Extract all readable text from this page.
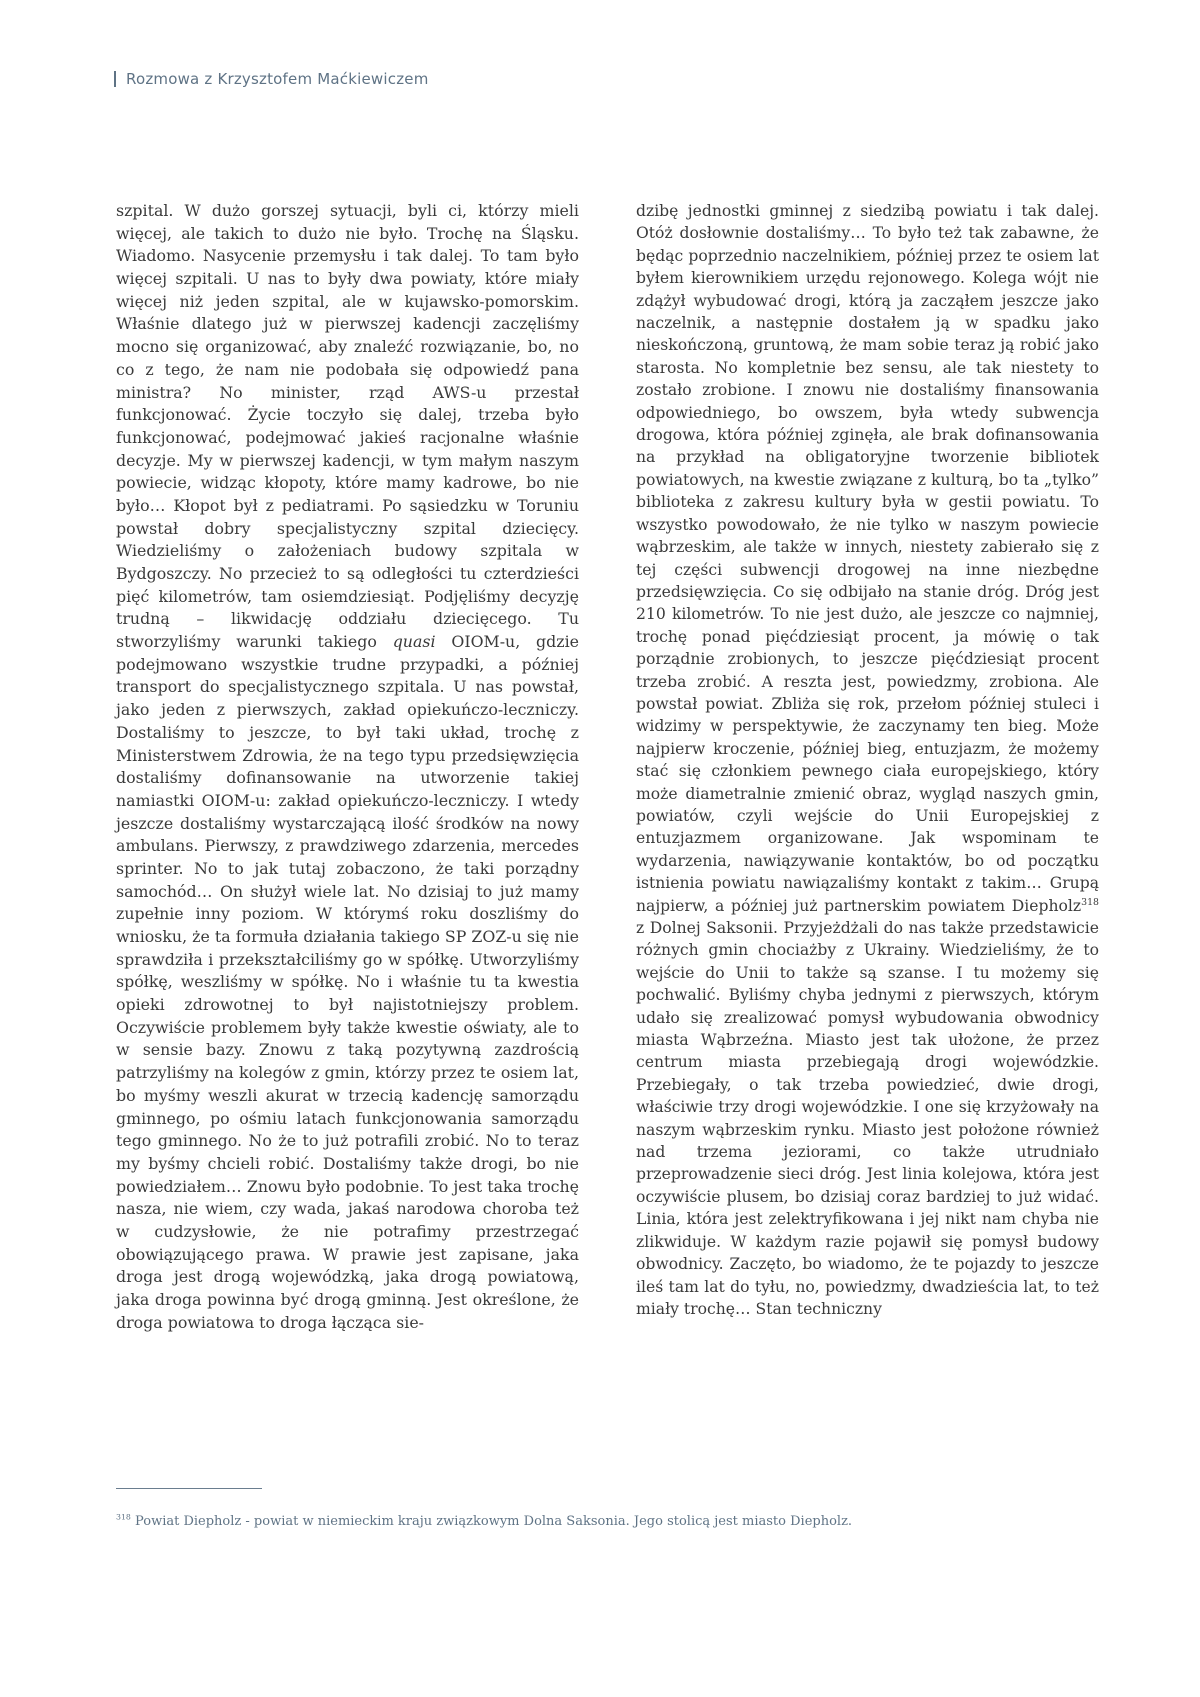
Rozmowa z Krzysztofem Maćkiewiczem

szpital. W dużo gorszej sytuacji, byli ci, którzy mieli więcej, ale takich to dużo nie było. Trochę na Śląsku. Wiadomo. Nasycenie przemysłu i tak dalej. To tam było więcej szpitali. U nas to były dwa powiaty, które miały więcej niż jeden szpital, ale w kujawsko-pomorskim. Właśnie dlatego już w pierwszej kadencji zaczęliśmy mocno się organizować, aby znaleźć rozwiązanie, bo, no co z tego, że nam nie podobała się odpowiedź pana ministra? No minister, rząd AWS-u przestał funkcjonować. Życie toczyło się dalej, trzeba było funkcjonować, podejmować jakieś racjonalne właśnie decyzje. My w pierwszej kadencji, w tym małym naszym powiecie, widząc kłopoty, które mamy kadrowe, bo nie było… Kłopot był z pediatrami. Po sąsiedzku w Toruniu powstał dobry specjalistyczny szpital dziecięcy. Wiedzieliśmy o założeniach budowy szpitala w Bydgoszczy. No przecież to są odległości tu czterdzieści pięć kilometrów, tam osiemdziesiąt. Podjęliśmy decyzję trudną – likwidację oddziału dziecięcego. Tu stworzyliśmy warunki takiego quasi OIOM-u, gdzie podejmowano wszystkie trudne przypadki, a później transport do specjalistycznego szpitala. U nas powstał, jako jeden z pierwszych, zakład opiekuńczo-leczniczy. Dostaliśmy to jeszcze, to był taki układ, trochę z Ministerstwem Zdrowia, że na tego typu przedsięwzięcia dostaliśmy dofinansowanie na utworzenie takiej namiastki OIOM-u: zakład opiekuńczo-leczniczy. I wtedy jeszcze dostaliśmy wystarczającą ilość środków na nowy ambulans. Pierwszy, z prawdziwego zdarzenia, mercedes sprinter. No to jak tutaj zobaczono, że taki porządny samochód… On służył wiele lat. No dzisiaj to już mamy zupełnie inny poziom. W którymś roku doszliśmy do wniosku, że ta formuła działania takiego SP ZOZ-u się nie sprawdziła i przekształciliśmy go w spółkę. Utworzyliśmy spółkę, weszliśmy w spółkę. No i właśnie tu ta kwestia opieki zdrowotnej to był najistotniejszy problem. Oczywiście problemem były także kwestie oświaty, ale to w sensie bazy. Znowu z taką pozytywną zazdrością patrzyliśmy na kolegów z gmin, którzy przez te osiem lat, bo myśmy weszli akurat w trzecią kadencję samorządu gminnego, po ośmiu latach funkcjonowania samorządu tego gminnego. No że to już potrafili zrobić. No to teraz my byśmy chcieli robić. Dostaliśmy także drogi, bo nie powiedziałem… Znowu było podobnie. To jest taka trochę nasza, nie wiem, czy wada, jakaś narodowa choroba też w cudzysłowie, że nie potrafimy przestrzegać obowiązującego prawa. W prawie jest zapisane, jaka droga jest drogą wojewódzką, jaka drogą powiatową, jaka droga powinna być drogą gminną. Jest określone, że droga powiatowa to droga łącząca sie-

dzibę jednostki gminnej z siedzibą powiatu i tak dalej. Otóż dosłownie dostaliśmy… To było też tak zabawne, że będąc poprzednio naczelnikiem, później przez te osiem lat byłem kierownikiem urzędu rejonowego. Kolega wójt nie zdążył wybudować drogi, którą ja zacząłem jeszcze jako naczelnik, a następnie dostałem ją w spadku jako nieskończoną, gruntową, że mam sobie teraz ją robić jako starosta. No kompletnie bez sensu, ale tak niestety to zostało zrobione. I znowu nie dostaliśmy finansowania odpowiedniego, bo owszem, była wtedy subwencja drogowa, która później zginęła, ale brak dofinansowania na przykład na obligatoryjne tworzenie bibliotek powiatowych, na kwestie związane z kulturą, bo ta „tylko” biblioteka z zakresu kultury była w gestii powiatu. To wszystko powodowało, że nie tylko w naszym powiecie wąbrzeskim, ale także w innych, niestety zabierało się z tej części subwencji drogowej na inne niezbędne przedsięwzięcia. Co się odbijało na stanie dróg. Dróg jest 210 kilometrów. To nie jest dużo, ale jeszcze co najmniej, trochę ponad pięćdziesiąt procent, ja mówię o tak porządnie zrobionych, to jeszcze pięćdziesiąt procent trzeba zrobić. A reszta jest, powiedzmy, zrobiona. Ale powstał powiat. Zbliża się rok, przełom później stuleci i widzimy w perspektywie, że zaczynamy ten bieg. Może najpierw kroczenie, później bieg, entuzjazm, że możemy stać się członkiem pewnego ciała europejskiego, który może diametralnie zmienić obraz, wygląd naszych gmin, powiatów, czyli wejście do Unii Europejskiej z entuzjazmem organizowane. Jak wspominam te wydarzenia, nawiązywanie kontaktów, bo od początku istnienia powiatu nawiązaliśmy kontakt z takim… Grupą najpierw, a później już partnerskim powiatem Diepholz$^{318}$ z Dolnej Saksonii. Przyjeżdżali do nas także przedstawicie różnych gmin chociażby z Ukrainy. Wiedzieliśmy, że to wejście do Unii to także są szanse. I tu możemy się pochwalić. Byliśmy chyba jednymi z pierwszych, którym udało się zrealizować pomysł wybudowania obwodnicy miasta Wąbrzeźna. Miasto jest tak ułożone, że przez centrum miasta przebiegają drogi wojewódzkie. Przebiegały, o tak trzeba powiedzieć, dwie drogi, właściwie trzy drogi wojewódzkie. I one się krzyżowały na naszym wąbrzeskim rynku. Miasto jest położone również nad trzema jeziorami, co także utrudniało przeprowadzenie sieci dróg. Jest linia kolejowa, która jest oczywiście plusem, bo dzisiaj coraz bardziej to już widać. Linia, która jest zelektryfikowana i jej nikt nam chyba nie zlikwiduje. W każdym razie pojawił się pomysł budowy obwodnicy. Zaczęto, bo wiadomo, że te pojazdy to jeszcze ileś tam lat do tyłu, no, powiedzmy, dwadzieścia lat, to też miały trochę… Stan techniczny

$^{318}$ Powiat Diepholz - powiat w niemieckim kraju związkowym Dolna Saksonia. Jego stolicą jest miasto Diepholz.
